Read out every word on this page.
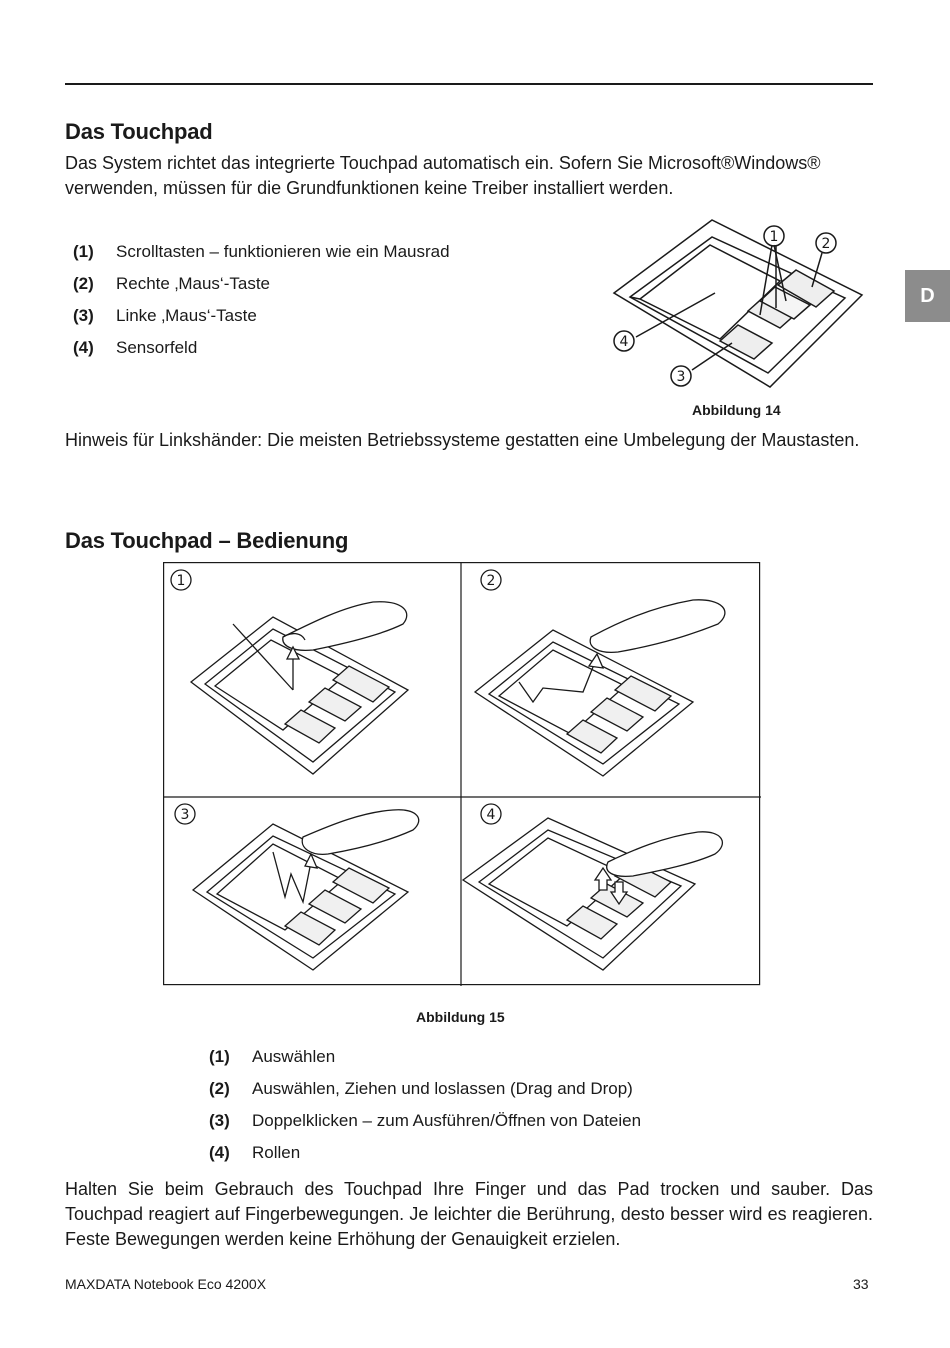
Das Touchpad
Das System richtet das integrierte Touchpad automatisch ein. Sofern Sie Microsoft®Windows®
verwenden, müssen für die Grundfunktionen keine Treiber installiert werden.
(1) Scrolltasten – funktionieren wie ein Mausrad
(2) Rechte ‚Maus‘-Taste
(3) Linke ‚Maus‘-Taste
(4) Sensorfeld
1	2
3
4
Abbildung 14
Hinweis für Linkshänder: Die meisten Betriebssysteme gestatten eine Umbelegung der Maustasten.
D
Das Touchpad – Bedienung
1	2
3	4
Abbildung 15
(1) Auswählen
(2) Auswählen, Ziehen und loslassen (Drag and Drop)
(3) Doppelklicken – zum Ausführen/Öffnen von Dateien
(4) Rollen
Halten Sie beim Gebrauch des Touchpad Ihre Finger und das Pad trocken und sauber. Das Touchpad reagiert auf Fingerbewegungen. Je leichter die Berührung, desto besser wird es reagieren. Feste Bewegungen werden keine Erhöhung der Genauigkeit erzielen.
MAXDATA Notebook Eco 4200X	33
